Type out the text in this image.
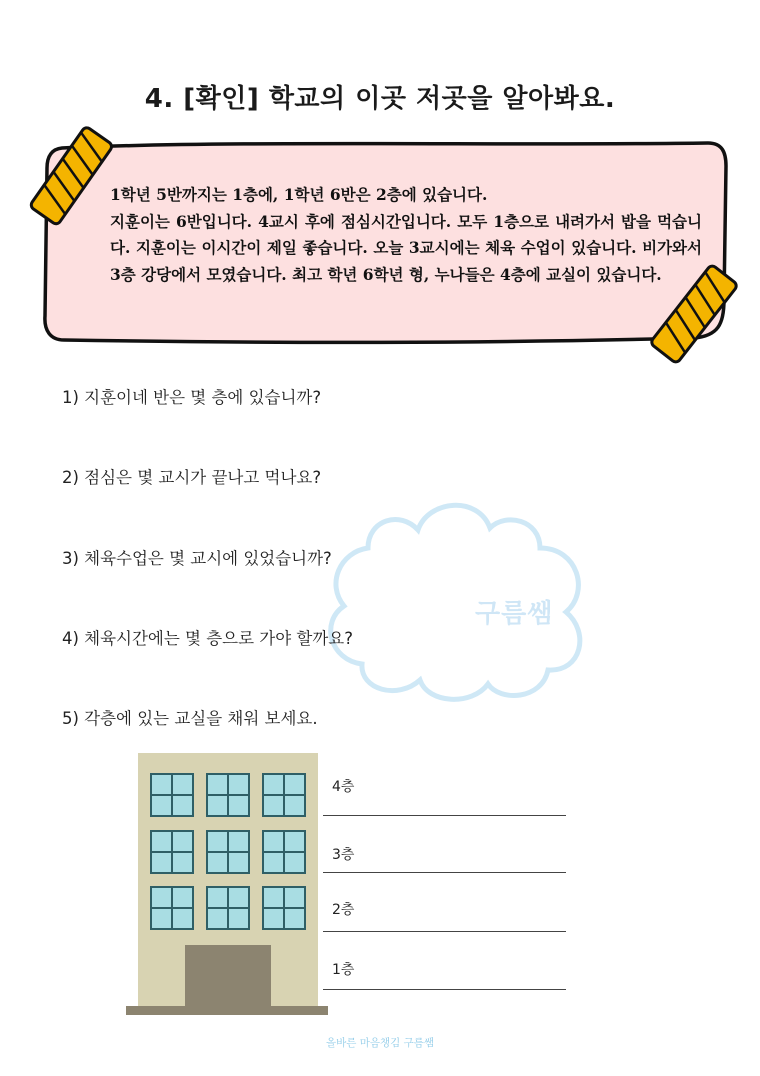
4. [확인] 학교의 이곳 저곳을 알아봐요.

1학년 5반까지는 1층에, 1학년 6반은 2층에 있습니다.

지훈이는 6반입니다. 4교시 후에 점심시간입니다. 모두 1층으로 내려가서 밥을 먹습니다. 지훈이는 이시간이 제일 좋습니다. 오늘 3교시에는 체육 수업이 있습니다. 비가와서 3층 강당에서 모였습니다. 최고 학년 6학년 형, 누나들은 4층에 교실이 있습니다.

구름쌤
1) 지훈이네 반은 몇 층에 있습니까?
2) 점심은 몇 교시가 끝나고 먹나요?
3) 체육수업은 몇 교시에 있었습니까?
4) 체육시간에는 몇 층으로 가야 할까요?
5) 각층에 있는 교실을 채워 보세요.
4층
3층
2층
1층
올바른 마음챙김 구름쌤
